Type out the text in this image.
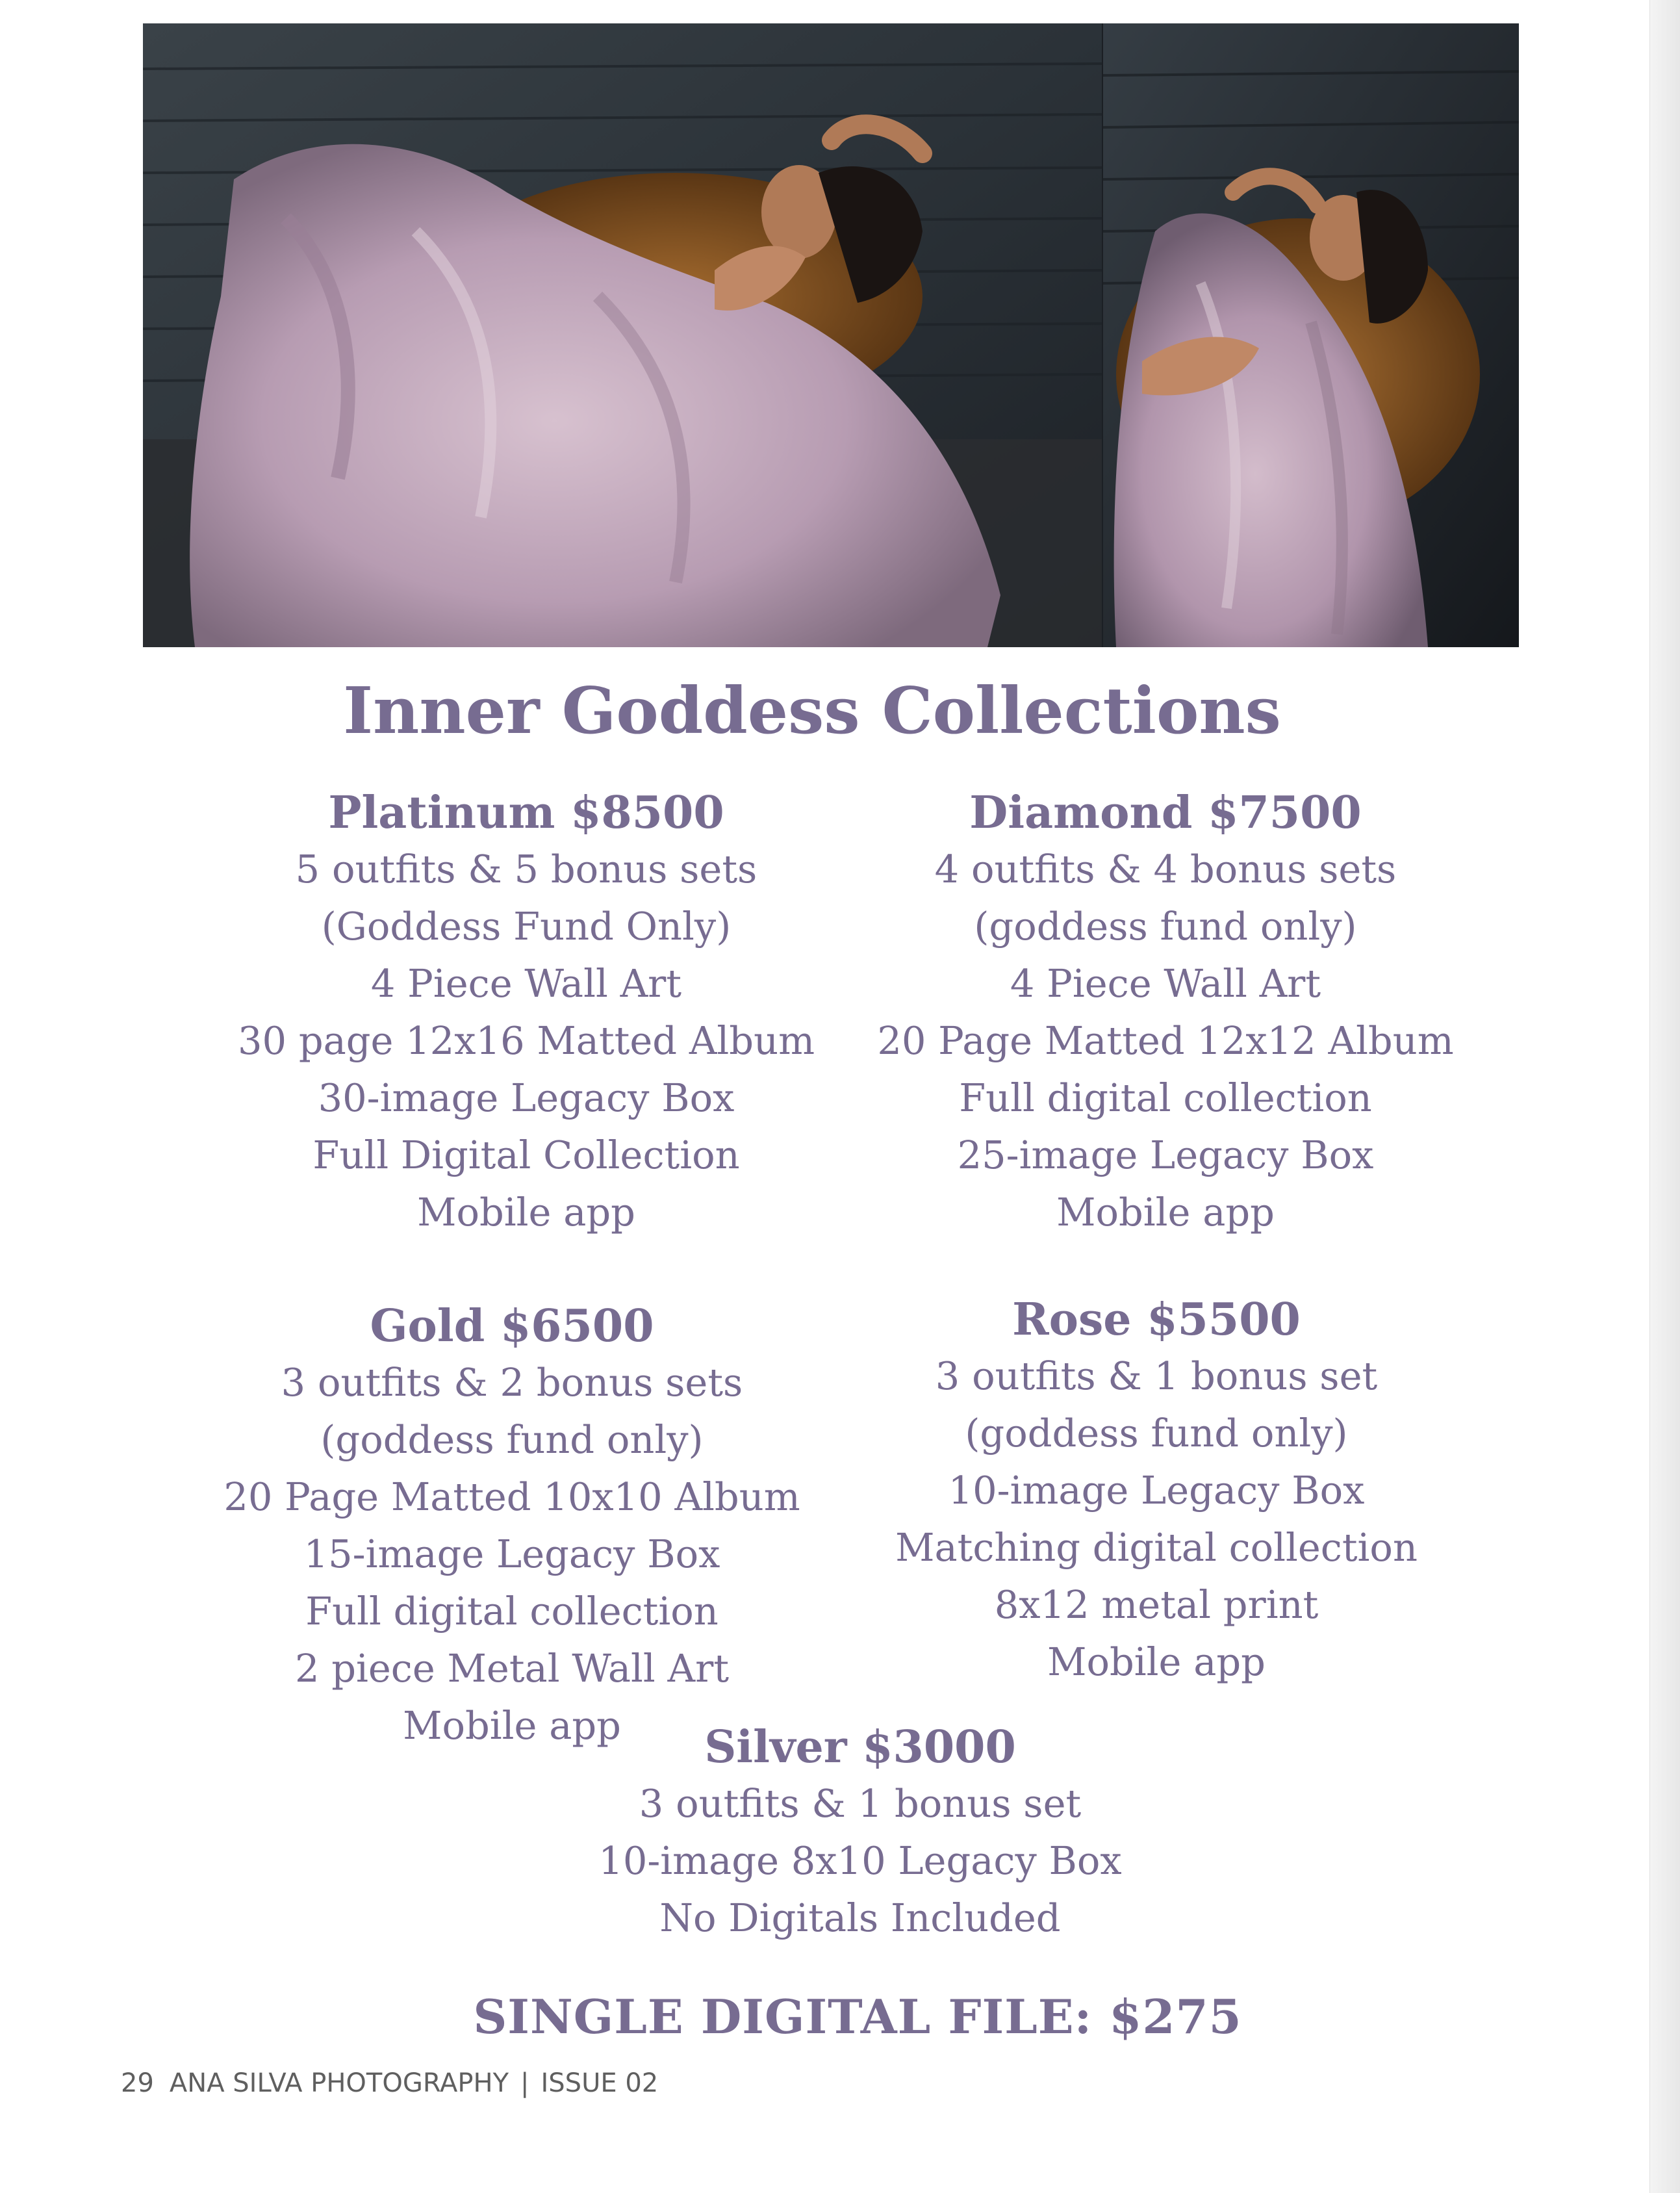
Inner Goddess Collections
Platinum $8500
5 outfits & 5 bonus sets
(Goddess Fund Only)
4 Piece Wall Art
30 page 12x16 Matted Album
30-image Legacy Box
Full Digital Collection
Mobile app
Diamond $7500
4 outfits & 4 bonus sets
(goddess fund only)
4 Piece Wall Art
20 Page Matted 12x12 Album
Full digital collection
25-image Legacy Box
Mobile app
Gold $6500
3 outfits & 2 bonus sets
(goddess fund only)
20 Page Matted 10x10 Album
15-image Legacy Box
Full digital collection
2 piece Metal Wall Art
Mobile app
Rose $5500
3 outfits & 1 bonus set
(goddess fund only)
10-image Legacy Box
Matching digital collection
8x12 metal print
Mobile app
Silver $3000
3 outfits & 1 bonus set
10-image 8x10 Legacy Box
No Digitals Included
SINGLE DIGITAL FILE: $275
29 ANA SILVA PHOTOGRAPHY | ISSUE 02
